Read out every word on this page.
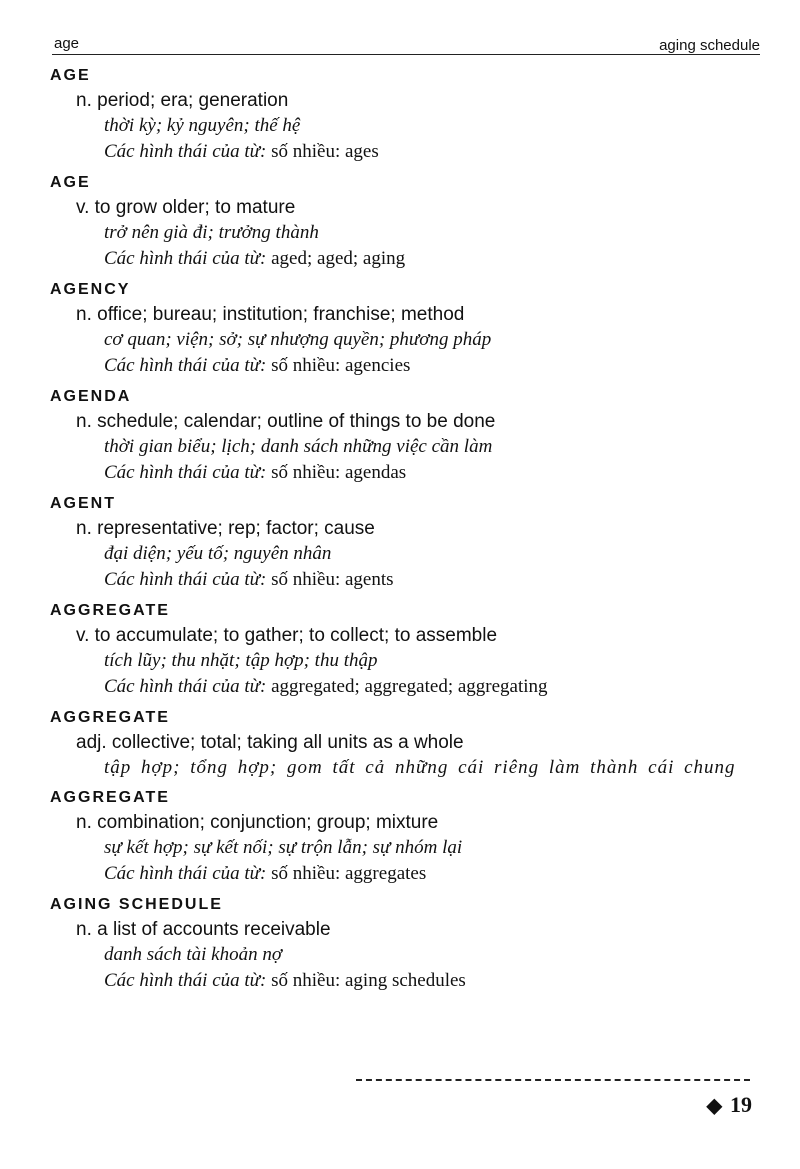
age	aging schedule
AGE
n. period; era; generation
thời kỳ; kỷ nguyên; thế hệ
Các hình thái của từ: số nhiều: ages
AGE
v. to grow older; to mature
trở nên già đi; trưởng thành
Các hình thái của từ: aged; aged; aging
AGENCY
n. office; bureau; institution; franchise; method
cơ quan; viện; sở; sự nhượng quyền; phương pháp
Các hình thái của từ: số nhiều: agencies
AGENDA
n. schedule; calendar; outline of things to be done
thời gian biểu; lịch; danh sách những việc cần làm
Các hình thái của từ: số nhiều: agendas
AGENT
n. representative; rep; factor; cause
đại diện; yếu tố; nguyên nhân
Các hình thái của từ: số nhiều: agents
AGGREGATE
v. to accumulate; to gather; to collect; to assemble
tích lũy; thu nhặt; tập hợp; thu thập
Các hình thái của từ: aggregated; aggregated; aggregating
AGGREGATE
adj. collective; total; taking all units as a whole
tập hợp; tổng hợp; gom tất cả những cái riêng làm thành cái chung
AGGREGATE
n. combination; conjunction; group; mixture
sự kết hợp; sự kết nối; sự trộn lẫn; sự nhóm lại
Các hình thái của từ: số nhiều: aggregates
AGING SCHEDULE
n. a list of accounts receivable
danh sách tài khoản nợ
Các hình thái của từ: số nhiều: aging schedules
◆ 19
